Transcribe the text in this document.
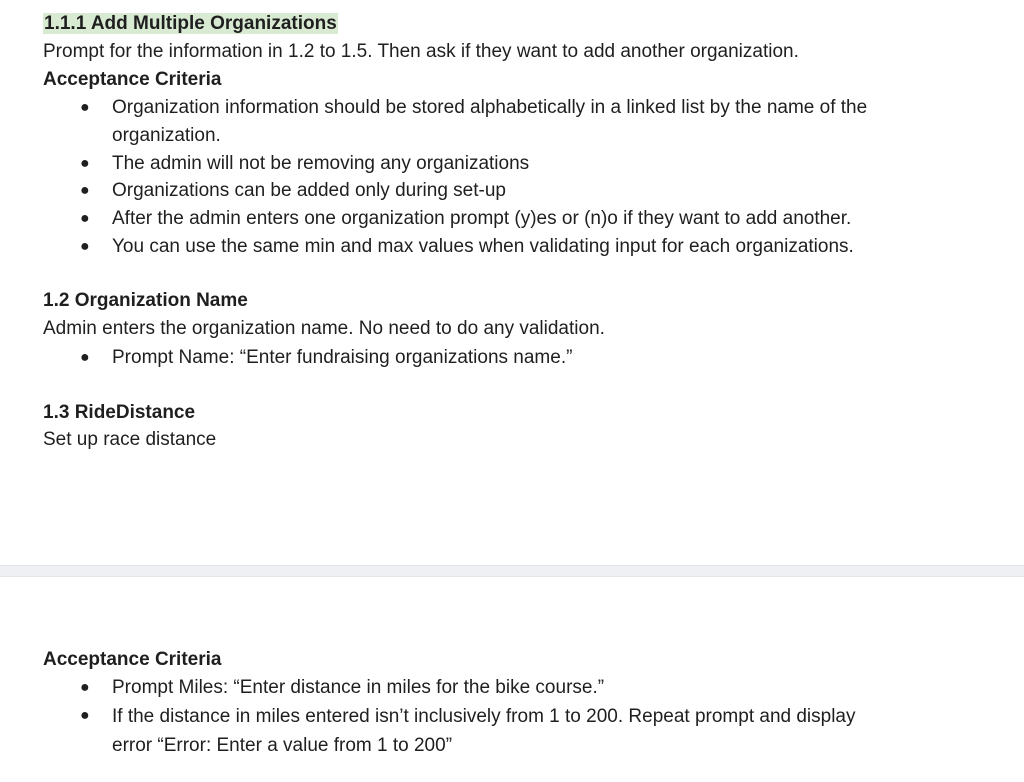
1.1.1 Add Multiple Organizations
Prompt for the information in 1.2 to 1.5. Then ask if they want to add another organization.
Acceptance Criteria
●	Organization information should be stored alphabetically in a linked list by the name of the organization.
●	The admin will not be removing any organizations
●	Organizations can be added only during set-up
●	After the admin enters one organization prompt (y)es or (n)o if they want to add another.
●	You can use the same min and max values when validating input for each organizations.
1.2 Organization Name
Admin enters the organization name. No need to do any validation.
●	Prompt Name: “Enter fundraising organizations name.”
1.3 RideDistance
Set up race distance
Acceptance Criteria
●	Prompt Miles: “Enter distance in miles for the bike course.”
●	If the distance in miles entered isn’t inclusively from 1 to 200. Repeat prompt and display error “Error: Enter a value from 1 to 200”
